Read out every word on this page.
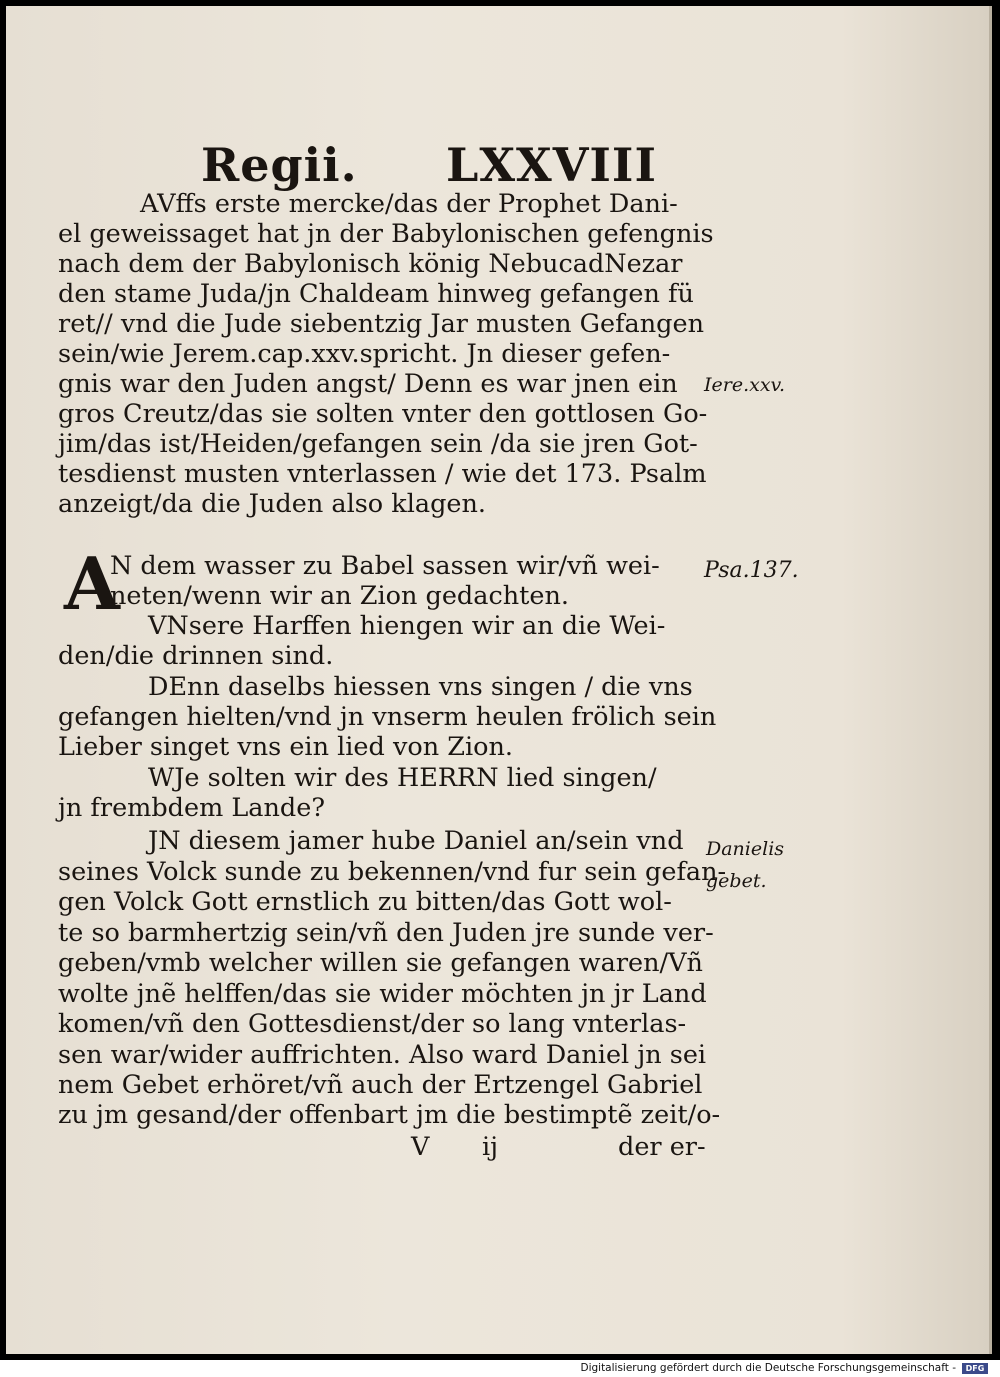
Regii. LXXVIII
AVffs erste mercke/das der Prophet Dani-
el geweissaget hat jn der Babylonischen gefengnis
nach dem der Babylonisch könig NebucadNezar
den stame Juda/jn Chaldeam hinweg gefangen fü
ret// vnd die Jude siebentzig Jar musten Gefangen
sein/wie Jerem.cap.xxv.spricht. Jn dieser gefen-
gnis war den Juden angst/ Denn es war jnen ein
gros Creutz/das sie solten vnter den gottlosen Go-
jim/das ist/Heiden/gefangen sein /da sie jren Got-
tesdienst musten vnterlassen / wie det 173. Psalm
anzeigt/da die Juden also klagen.
A
N dem wasser zu Babel sassen wir/vñ wei-
neten/wenn wir an Zion gedachten.
VNsere Harffen hiengen wir an die Wei-
den/die drinnen sind.
DEnn daselbs hiessen vns singen / die vns
gefangen hielten/vnd jn vnserm heulen frölich sein
Lieber singet vns ein lied von Zion.
WJe solten wir des HERRN lied singen/
jn frembdem Lande?
JN diesem jamer hube Daniel an/sein vnd
seines Volck sunde zu bekennen/vnd fur sein gefan-
gen Volck Gott ernstlich zu bitten/das Gott wol-
te so barmhertzig sein/vñ den Juden jre sunde ver-
geben/vmb welcher willen sie gefangen waren/Vñ
wolte jnẽ helffen/das sie wider möchten jn jr Land
komen/vñ den Gottesdienst/der so lang vnterlas-
sen war/wider auffrichten. Also ward Daniel jn sei
nem Gebet erhöret/vñ auch der Ertzengel Gabriel
zu jm gesand/der offenbart jm die bestimptẽ zeit/o-
V ij	der er-
Iere.xxv.
Psa.137.
Danielis
gebet.
Digitalisierung gefördert durch die Deutsche Forschungsgemeinschaft -	DFG
